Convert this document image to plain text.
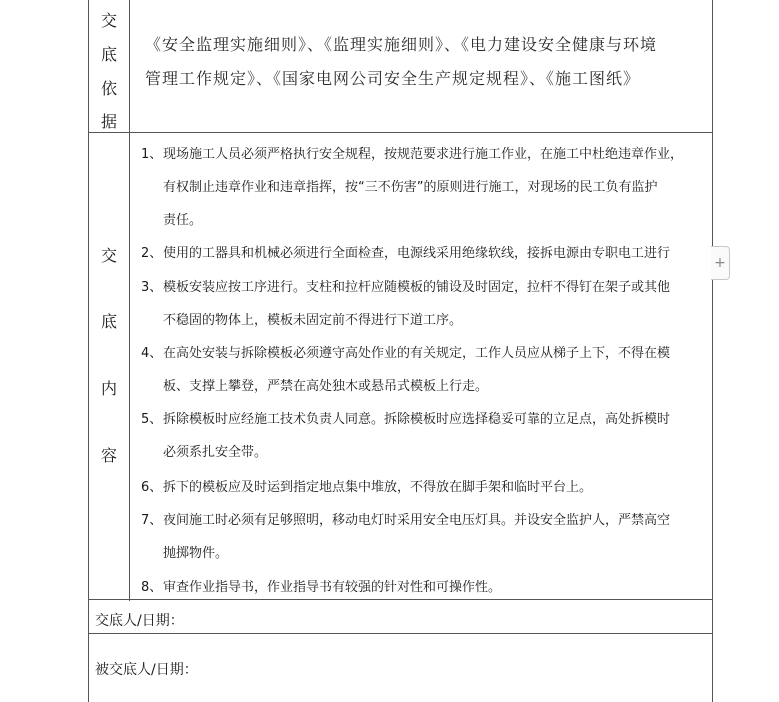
交
底
依
据
《安全监理实施细则》、《监理实施细则》、《电力建设安全健康与环境
管理工作规定》、《国家电网公司安全生产规定规程》、《施工图纸》
交
底
内
容
1、 现场施工人员必须严格执行安全规程，按规范要求进行施工作业，在施工中杜绝违章作业，
有权制止违章作业和违章指挥，按“三不伤害”的原则进行施工，对现场的民工负有监护
责任。
2、 使用的工器具和机械必须进行全面检查，电源线采用绝缘软线，接拆电源由专职电工进行
3、 模板安装应按工序进行。支柱和拉杆应随模板的铺设及时固定，拉杆不得钉在架子或其他
不稳固的物体上，模板未固定前不得进行下道工序。
4、 在高处安装与拆除模板必须遵守高处作业的有关规定，工作人员应从梯子上下，不得在模
板、支撑上攀登，严禁在高处独木或悬吊式模板上行走。
5、 拆除模板时应经施工技术负责人同意。拆除模板时应选择稳妥可靠的立足点，高处拆模时
必须系扎安全带。
6、 拆下的模板应及时运到指定地点集中堆放，不得放在脚手架和临时平台上。
7、 夜间施工时必须有足够照明，移动电灯时采用安全电压灯具。并设安全监护人，严禁高空
抛掷物件。
8、 审查作业指导书，作业指导书有较强的针对性和可操作性。
交底人/日期：
被交底人/日期：
+
